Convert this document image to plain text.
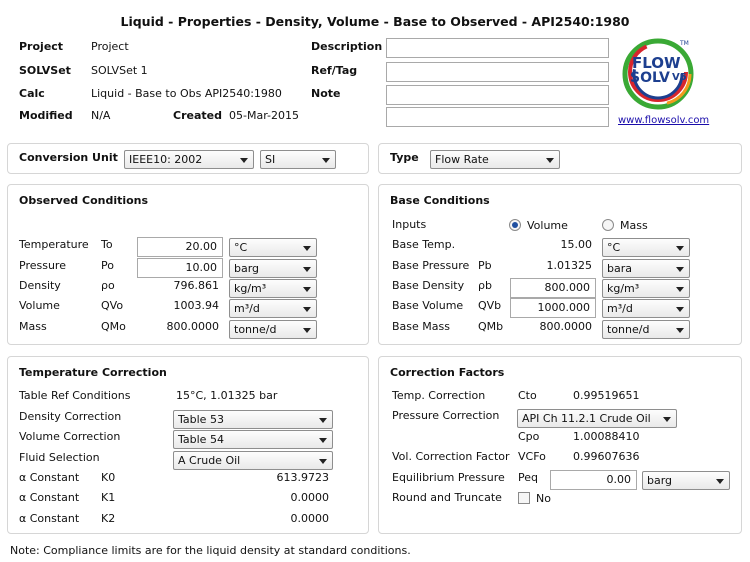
Liquid - Properties - Density, Volume - Base to Observed - API2540:1980
Project	Project
SOLVSet SOLVSet 1
Calc	Liquid - Base to Obs API2540:1980
Modified N/A	Created 05-Mar-2015
Description
Ref/Tag
Note
FLOW
SOLV V5
TM
www.flowsolv.com
Conversion Unit	IEEE10: 2002	SI	Type	Flow Rate
Observed Conditions
Temperature To	20.00	°C
Pressure	Po	10.00	barg
Density	ρo	796.861	kg/m³
Volume	QVo	1003.94	m³/d
Mass	QMo	800.0000	tonne/d
Base Conditions
Inputs	Volume	Mass
Base Temp.	15.00	°C
Base Pressure Pb	1.01325	bara
Base Density ρb	800.000	kg/m³
Base Volume QVb	1000.000	m³/d
Base Mass	QMb	800.0000	tonne/d
Temperature Correction
Table Ref Conditions	15°C, 1.01325 bar
Density Correction	Table 53
Volume Correction	Table 54
Fluid Selection	A Crude Oil
α Constant K0	613.9723
α Constant K1	0.0000
α Constant K2	0.0000
Correction Factors
Temp. Correction	Cto	0.99519651
Pressure Correction	API Ch 11.2.1 Crude Oil
Cpo	1.00088410
Vol. Correction Factor VCFo 0.99607636
Equilibrium Pressure Peq	0.00	barg
Round and Truncate	No
Note: Compliance limits are for the liquid density at standard conditions.
